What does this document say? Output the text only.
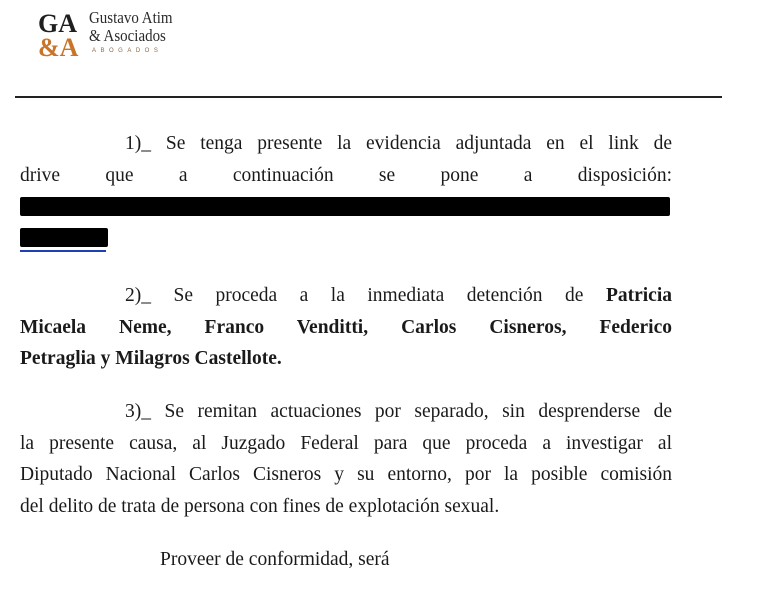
GA
&A
Gustavo Atim
& Asociados
ABOGADOS
1)_ Se tenga presente la evidencia adjuntada en el link de
drive que a continuación se pone a disposición:
2)_ Se proceda a la inmediata detención de Patricia
Micaela Neme, Franco Venditti, Carlos Cisneros, Federico
Petraglia y Milagros Castellote.
3)_ Se remitan actuaciones por separado, sin desprenderse de
la presente causa, al Juzgado Federal para que proceda a investigar al
Diputado Nacional Carlos Cisneros y su entorno, por la posible comisión
del delito de trata de persona con fines de explotación sexual.
Proveer de conformidad, será
